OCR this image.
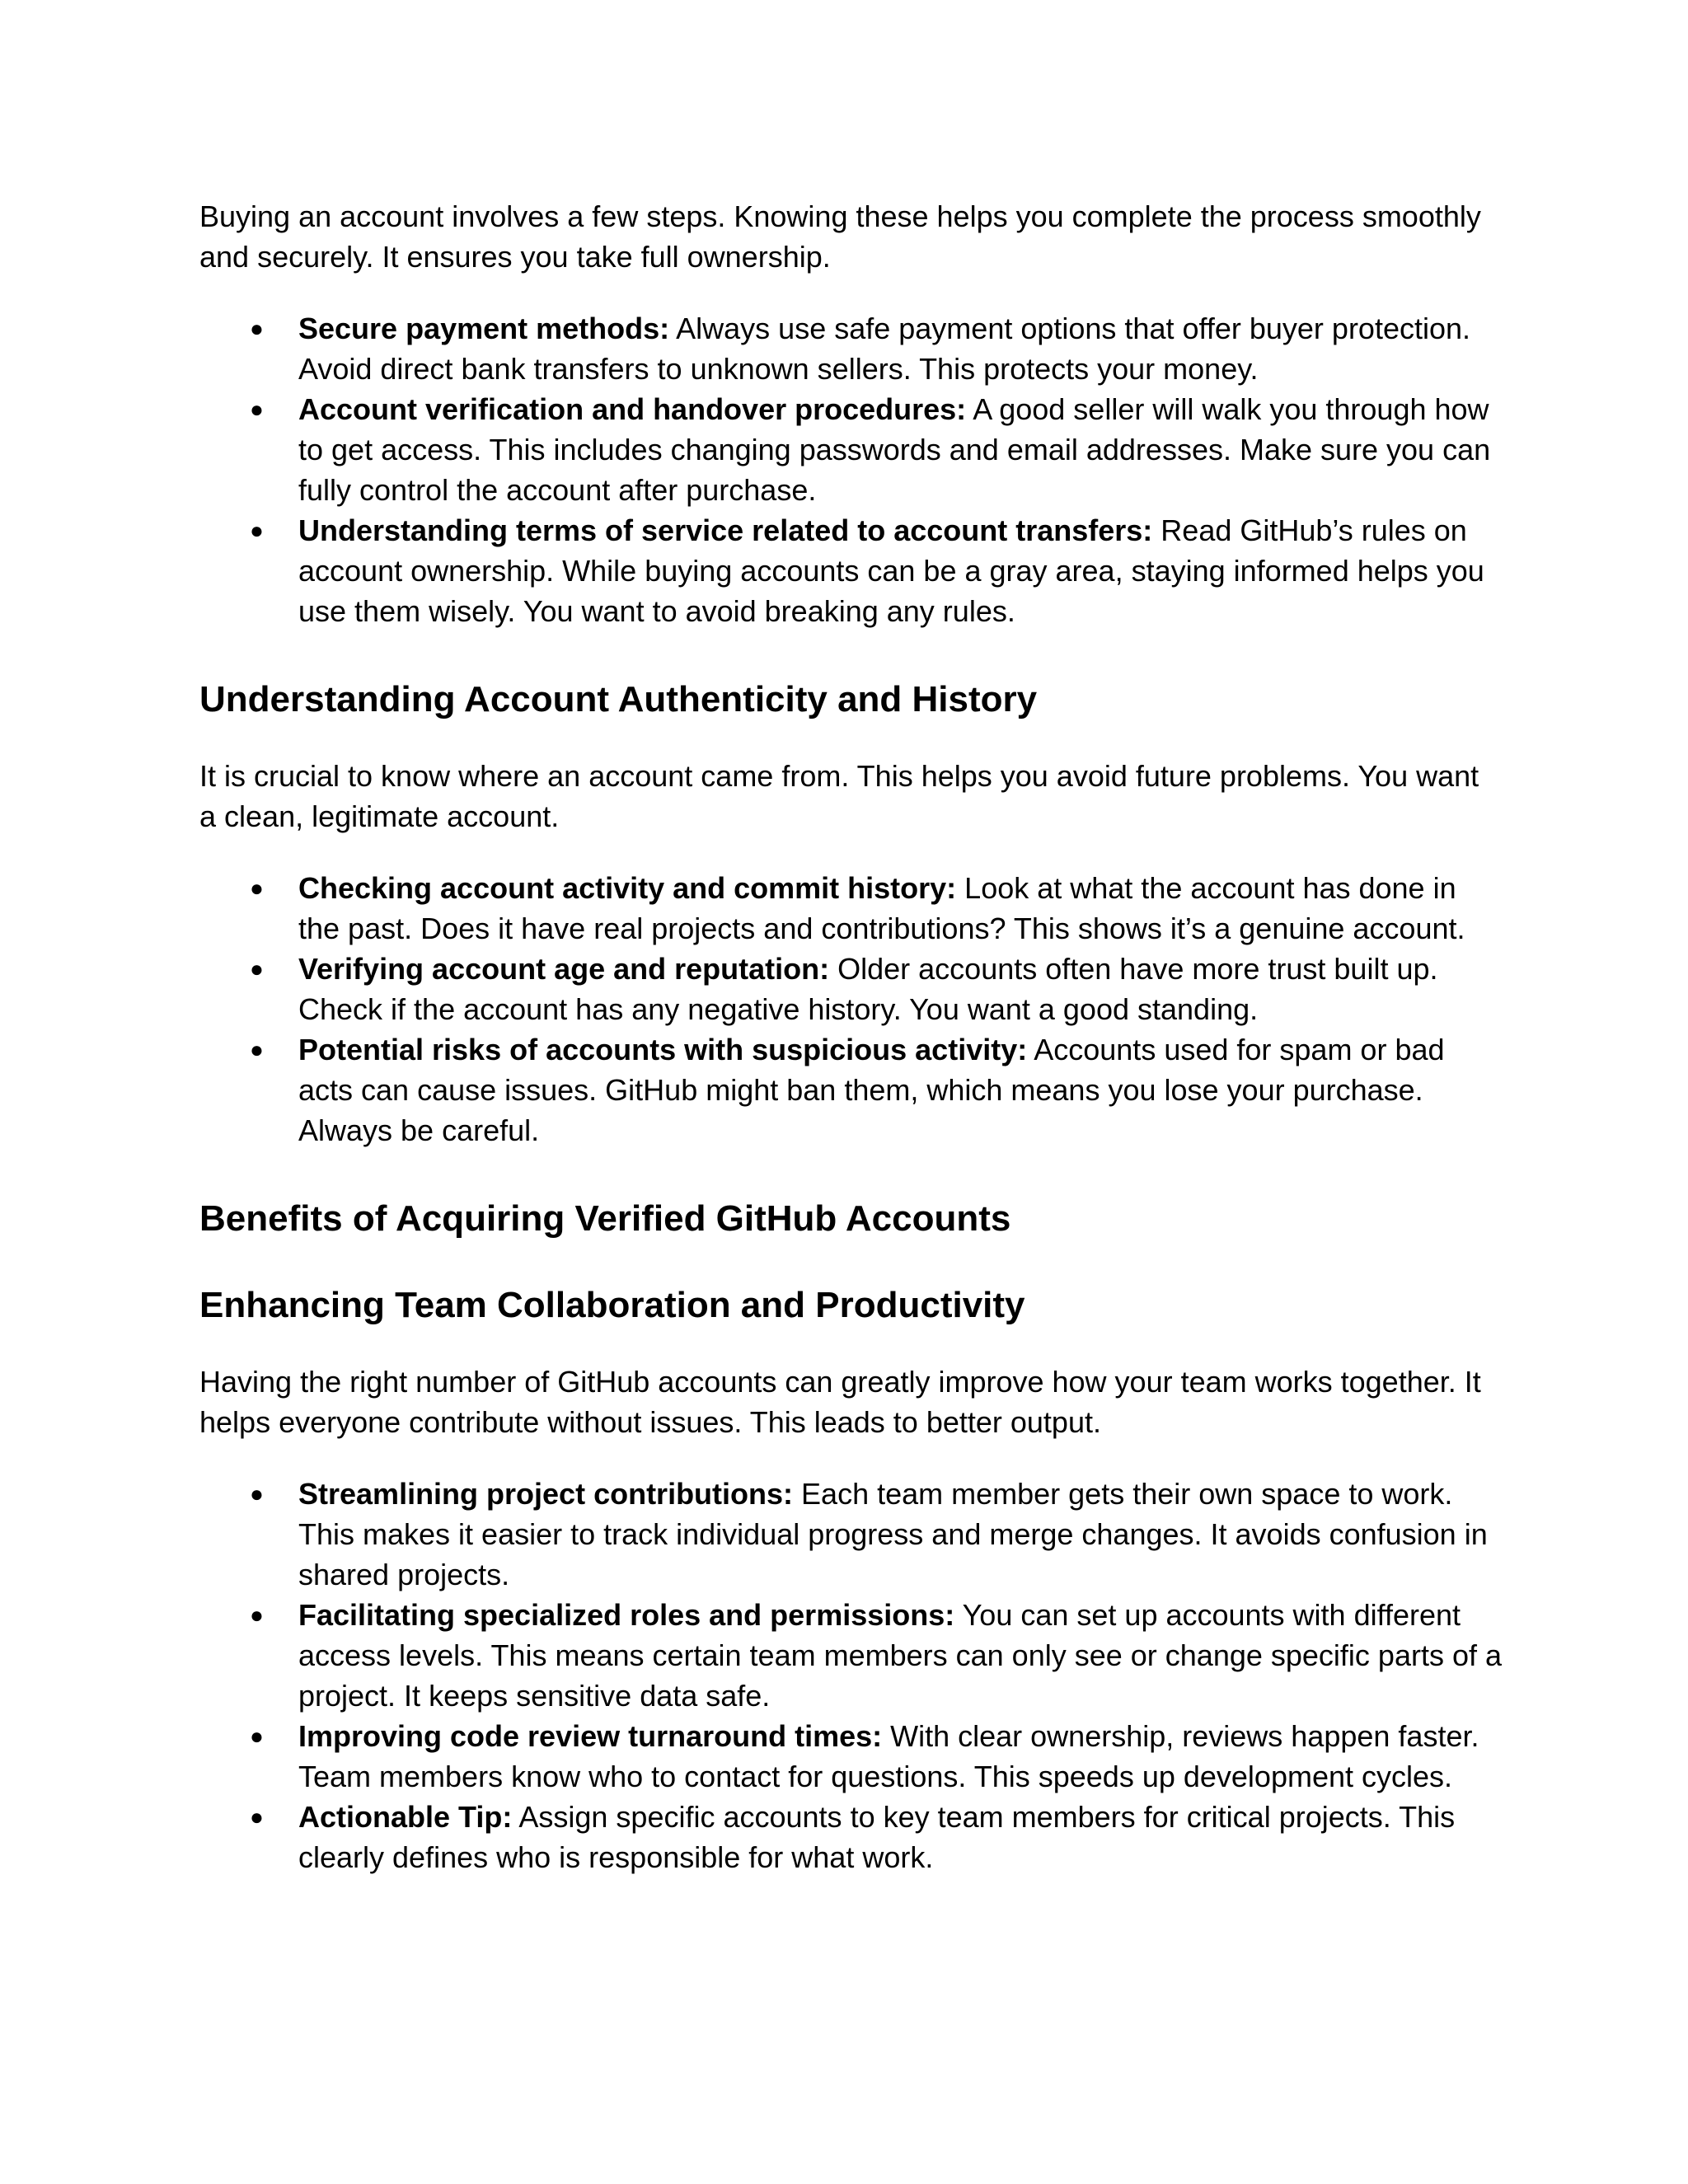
Buying an account involves a few steps. Knowing these helps you complete the process smoothly and securely. It ensures you take full ownership.

● Secure payment methods: Always use safe payment options that offer buyer protection. Avoid direct bank transfers to unknown sellers. This protects your money.
● Account verification and handover procedures: A good seller will walk you through how to get access. This includes changing passwords and email addresses. Make sure you can fully control the account after purchase.
● Understanding terms of service related to account transfers: Read GitHub’s rules on account ownership. While buying accounts can be a gray area, staying informed helps you use them wisely. You want to avoid breaking any rules.
Understanding Account Authenticity and History

It is crucial to know where an account came from. This helps you avoid future problems. You want a clean, legitimate account.

● Checking account activity and commit history: Look at what the account has done in the past. Does it have real projects and contributions? This shows it’s a genuine account.
● Verifying account age and reputation: Older accounts often have more trust built up. Check if the account has any negative history. You want a good standing.
● Potential risks of accounts with suspicious activity: Accounts used for spam or bad acts can cause issues. GitHub might ban them, which means you lose your purchase. Always be careful.
Benefits of Acquiring Verified GitHub Accounts
Enhancing Team Collaboration and Productivity

Having the right number of GitHub accounts can greatly improve how your team works together. It helps everyone contribute without issues. This leads to better output.

● Streamlining project contributions: Each team member gets their own space to work. This makes it easier to track individual progress and merge changes. It avoids confusion in shared projects.
● Facilitating specialized roles and permissions: You can set up accounts with different access levels. This means certain team members can only see or change specific parts of a project. It keeps sensitive data safe.
● Improving code review turnaround times: With clear ownership, reviews happen faster. Team members know who to contact for questions. This speeds up development cycles.
● Actionable Tip: Assign specific accounts to key team members for critical projects. This clearly defines who is responsible for what work.
